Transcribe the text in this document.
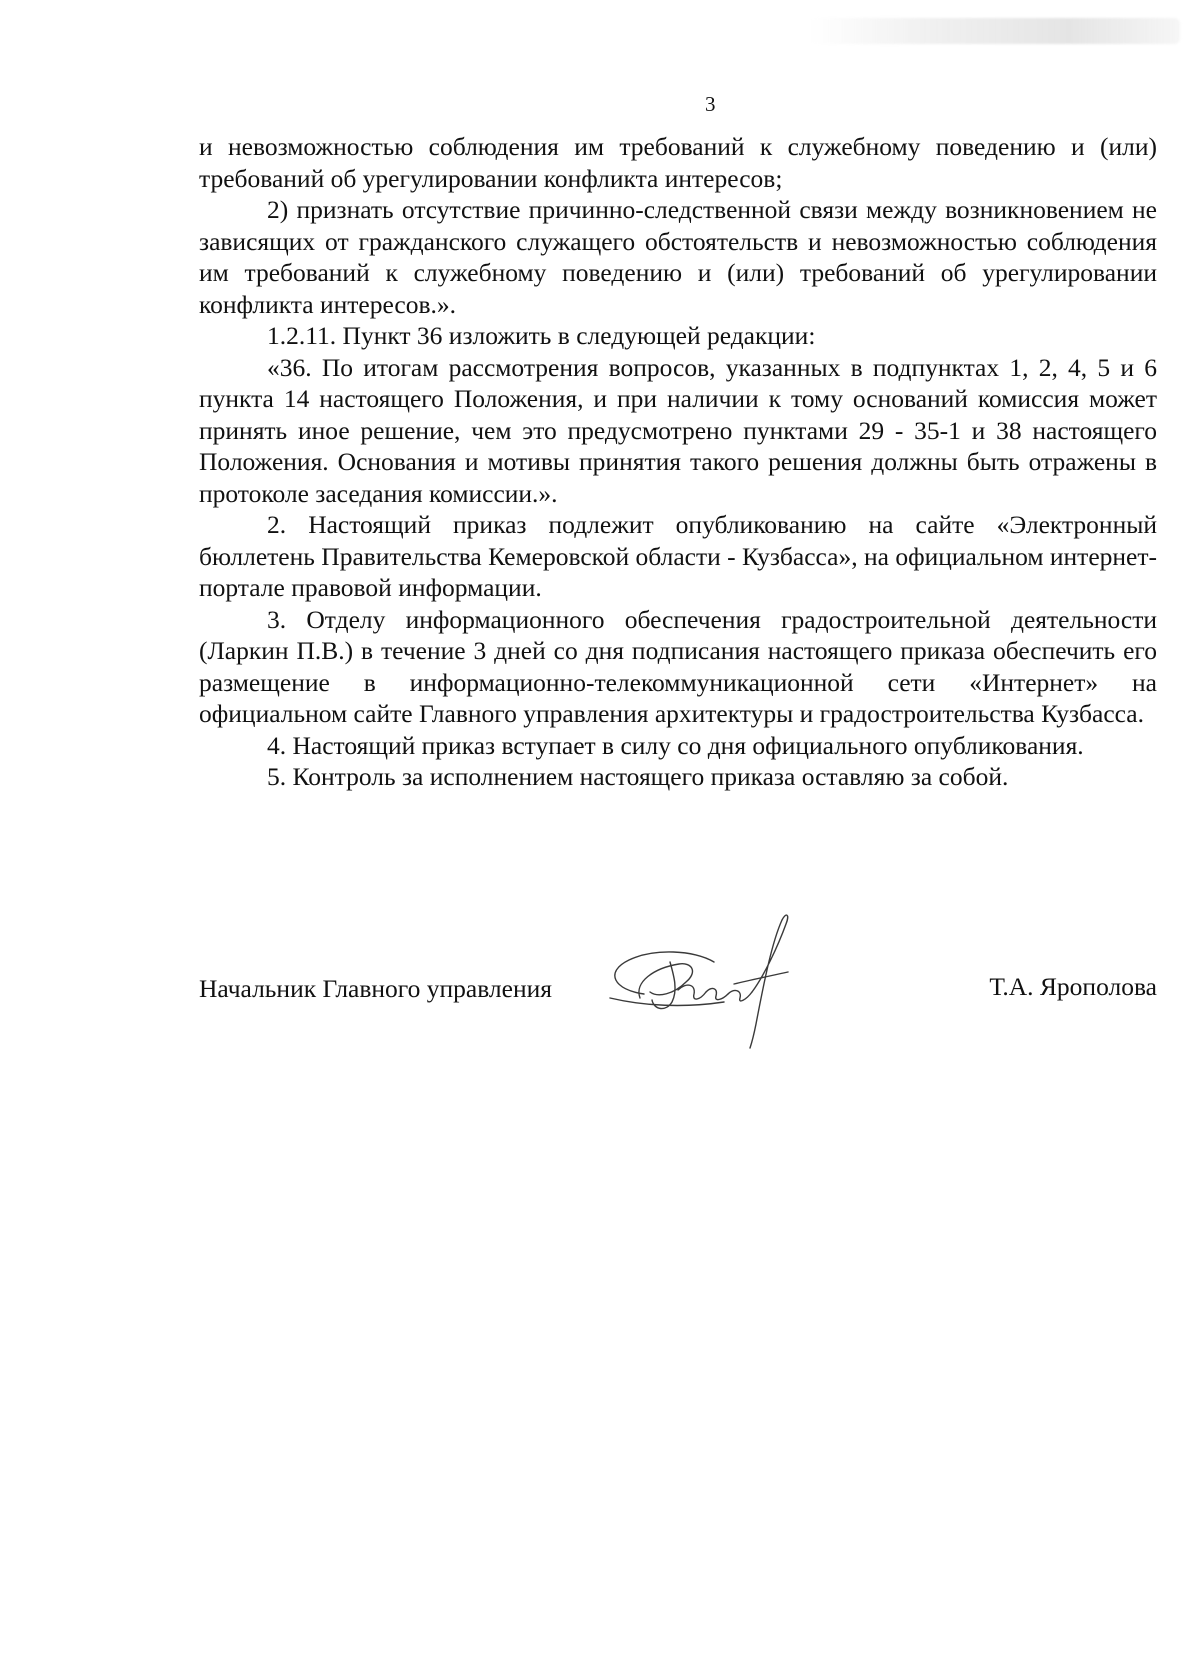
3

и невозможностью соблюдения им требований к служебному поведению и (или) требований об урегулировании конфликта интересов;

2) признать отсутствие причинно-следственной связи между возникновением не зависящих от гражданского служащего обстоятельств и невозможностью соблюдения им требований к служебному поведению и (или) требований об урегулировании конфликта интересов.».

1.2.11. Пункт 36 изложить в следующей редакции:

«36. По итогам рассмотрения вопросов, указанных в подпунктах 1, 2, 4, 5 и 6 пункта 14 настоящего Положения, и при наличии к тому оснований комиссия может принять иное решение, чем это предусмотрено пунктами 29 - 35-1 и 38 настоящего Положения. Основания и мотивы принятия такого решения должны быть отражены в протоколе заседания комиссии.».

2. Настоящий приказ подлежит опубликованию на сайте «Электронный бюллетень Правительства Кемеровской области - Кузбасса», на официальном интернет-портале правовой информации.

3. Отделу информационного обеспечения градостроительной деятельности (Ларкин П.В.) в течение 3 дней со дня подписания настоящего приказа обеспечить его размещение в информационно-телекоммуникационной сети «Интернет» на официальном сайте Главного управления архитектуры и градостроительства Кузбасса.

4. Настоящий приказ вступает в силу со дня официального опубликования.

5. Контроль за исполнением настоящего приказа оставляю за собой.

Начальник Главного управления	Т.А. Ярополова
